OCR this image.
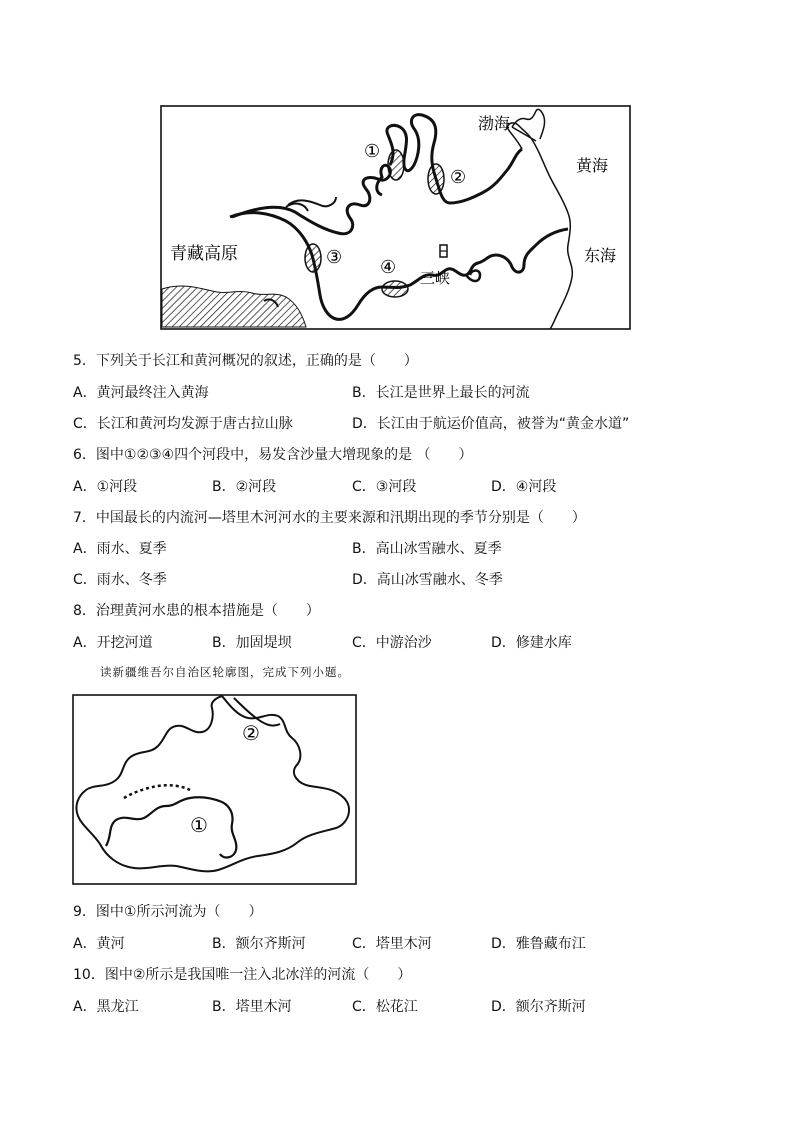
渤海
黄海
东海
青藏高原
三峡
①
②
③ ④
5．下列关于长江和黄河概况的叙述，正确的是（　　）
A．黄河最终注入黄海	B．长江是世界上最长的河流
C．长江和黄河均发源于唐古拉山脉	D．长江由于航运价值高，被誉为“黄金水道”
6．图中①②③④四个河段中，易发含沙量大增现象的是 （　　）
A．①河段	B．②河段	C．③河段	D．④河段
7．中国最长的内流河—塔里木河河水的主要来源和汛期出现的季节分别是（　　）
A．雨水、夏季	B．高山冰雪融水、夏季
C．雨水、冬季	D．高山冰雪融水、冬季
8．治理黄河水患的根本措施是（　　）
A．开挖河道	B．加固堤坝	C．中游治沙	D．修建水库
读新疆维吾尔自治区轮廓图，完成下列小题。
①
②
9．图中①所示河流为（　　）
A．黄河	B．额尔齐斯河	C．塔里木河	D．雅鲁藏布江
10．图中②所示是我国唯一注入北冰洋的河流（　　）
A．黑龙江	B．塔里木河	C．松花江	D．额尔齐斯河
